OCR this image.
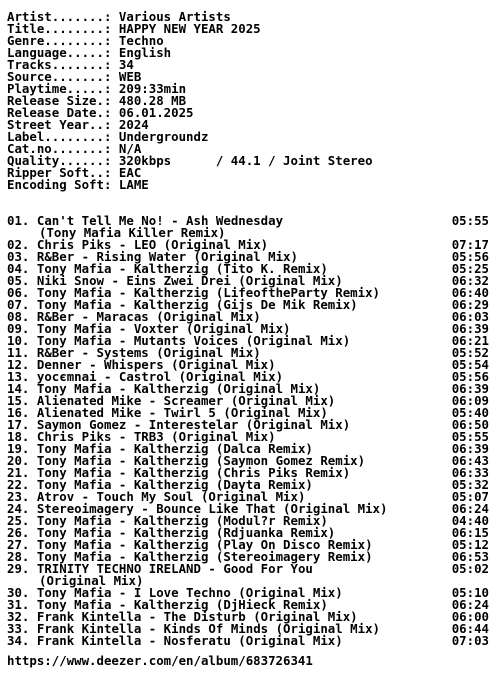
Artist.......: Various Artists
Title........: HAPPY NEW YEAR 2025
Genre........: Techno
Language.....: English
Tracks.......: 34
Source.......: WEB
Playtime.....: 209:33min
Release Size.: 480.28 MB
Release Date.: 06.01.2025
Street Year..: 2024
Label........: Undergroundz
Cat.no.......: N/A
Quality......: 320kbps      / 44.1 / Joint Stereo
Ripper Soft..: EAC
Encoding Soft: LAME
01. Can't Tell Me No! - Ash Wednesday	05:55
(Tony Mafia Killer Remix)
02. Chris Piks - LEO (Original Mix)	07:17
03. R&Ber - Rising Water (Original Mix)	05:56
04. Tony Mafia - Kaltherzig (Tito K. Remix)	05:25
05. Niki Snow - Eins Zwei Drei (Original Mix)	06:32
06. Tony Mafia - Kaltherzig (LifeoftheParty Remix)	06:40
07. Tony Mafia - Kaltherzig (Gijs De Mik Remix)	06:29
08. R&Ber - Maracas (Original Mix)	06:03
09. Tony Mafia - Voxter (Original Mix)	06:39
10. Tony Mafia - Mutants Voices (Original Mix)	06:21
11. R&Ber - Systems (Original Mix)	05:52
12. Denner - Whispers (Original Mix)	05:54
13. уосєmnai - Castrol (Original Mix)	05:56
14. Tony Mafia - Kaltherzig (Original Mix)	06:39
15. Alienated Mike - Screamer (Original Mix)	06:09
16. Alienated Mike - Twirl 5 (Original Mix)	05:40
17. Saymon Gomez - Interestelar (Original Mix)	06:50
18. Chris Piks - TRB3 (Original Mix)	05:55
19. Tony Mafia - Kaltherzig (Dalca Remix)	06:39
20. Tony Mafia - Kaltherzig (Saymon Gomez Remix)	06:43
21. Tony Mafia - Kaltherzig (Chris Piks Remix)	06:33
22. Tony Mafia - Kaltherzig (Dayta Remix)	05:32
23. Atrov - Touch My Soul (Original Mix)	05:07
24. Stereoimagery - Bounce Like That (Original Mix)	06:24
25. Tony Mafia - Kaltherzig (Modul?r Remix)	04:40
26. Tony Mafia - Kaltherzig (Rdjuanka Remix)	06:15
27. Tony Mafia - Kaltherzig (Play On Disco Remix)	05:12
28. Tony Mafia - Kaltherzig (Stereoimagery Remix)	06:53
29. TRINITY TECHNO IRELAND - Good For You	05:02
(Original Mix)
30. Tony Mafia - I Love Techno (Original Mix)	05:10
31. Tony Mafia - Kaltherzig (DjHieck Remix)	06:24
32. Frank Kintella - The Disturb (Original Mix)	06:00
33. Frank Kintella - Kinds Of Minds (Original Mix)	06:44
34. Frank Kintella - Nosferatu (Original Mix)	07:03
https://www.deezer.com/en/album/683726341
